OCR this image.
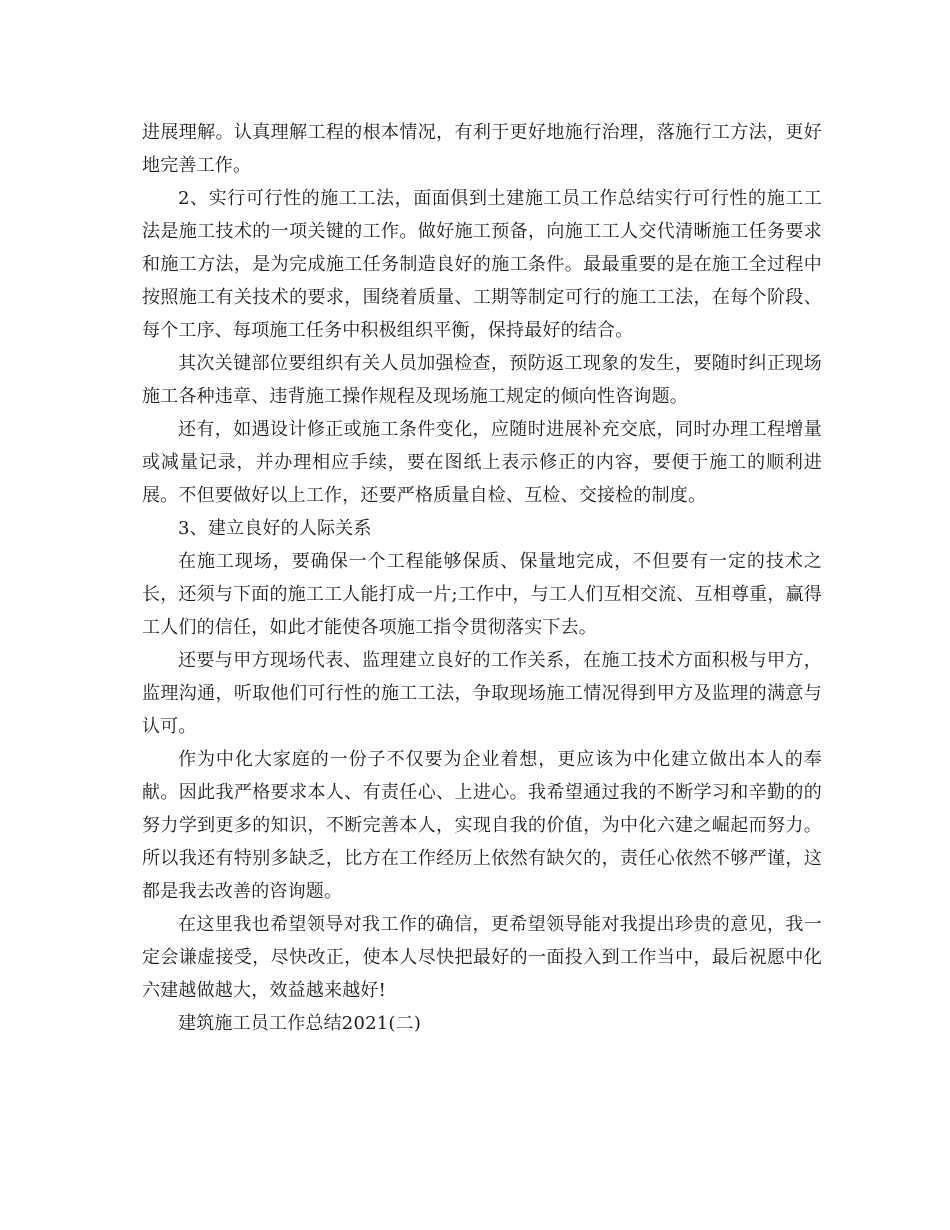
进展理解。认真理解工程的根本情况，有利于更好地施行治理，落施行工方法，更好地完善工作。

2、实行可行性的施工工法，面面俱到土建施工员工作总结实行可行性的施工工法是施工技术的一项关键的工作。做好施工预备，向施工工人交代清晰施工任务要求和施工方法，是为完成施工任务制造良好的施工条件。最最重要的是在施工全过程中按照施工有关技术的要求，围绕着质量、工期等制定可行的施工工法，在每个阶段、每个工序、每项施工任务中积极组织平衡，保持最好的结合。

其次关键部位要组织有关人员加强检查，预防返工现象的发生，要随时纠正现场施工各种违章、违背施工操作规程及现场施工规定的倾向性咨询题。

还有，如遇设计修正或施工条件变化，应随时进展补充交底，同时办理工程增量或减量记录，并办理相应手续，要在图纸上表示修正的内容，要便于施工的顺利进展。不但要做好以上工作，还要严格质量自检、互检、交接检的制度。

3、建立良好的人际关系

在施工现场，要确保一个工程能够保质、保量地完成，不但要有一定的技术之长，还须与下面的施工工人能打成一片;工作中，与工人们互相交流、互相尊重，赢得工人们的信任，如此才能使各项施工指令贯彻落实下去。

还要与甲方现场代表、监理建立良好的工作关系，在施工技术方面积极与甲方，监理沟通，听取他们可行性的施工工法，争取现场施工情况得到甲方及监理的满意与认可。

作为中化大家庭的一份子不仅要为企业着想，更应该为中化建立做出本人的奉献。因此我严格要求本人、有责任心、上进心。我希望通过我的不断学习和辛勤的的努力学到更多的知识，不断完善本人，实现自我的价值，为中化六建之崛起而努力。所以我还有特别多缺乏，比方在工作经历上依然有缺欠的，责任心依然不够严谨，这都是我去改善的咨询题。

在这里我也希望领导对我工作的确信，更希望领导能对我提出珍贵的意见，我一定会谦虚接受，尽快改正，使本人尽快把最好的一面投入到工作当中，最后祝愿中化六建越做越大，效益越来越好!

建筑施工员工作总结2021(二)
